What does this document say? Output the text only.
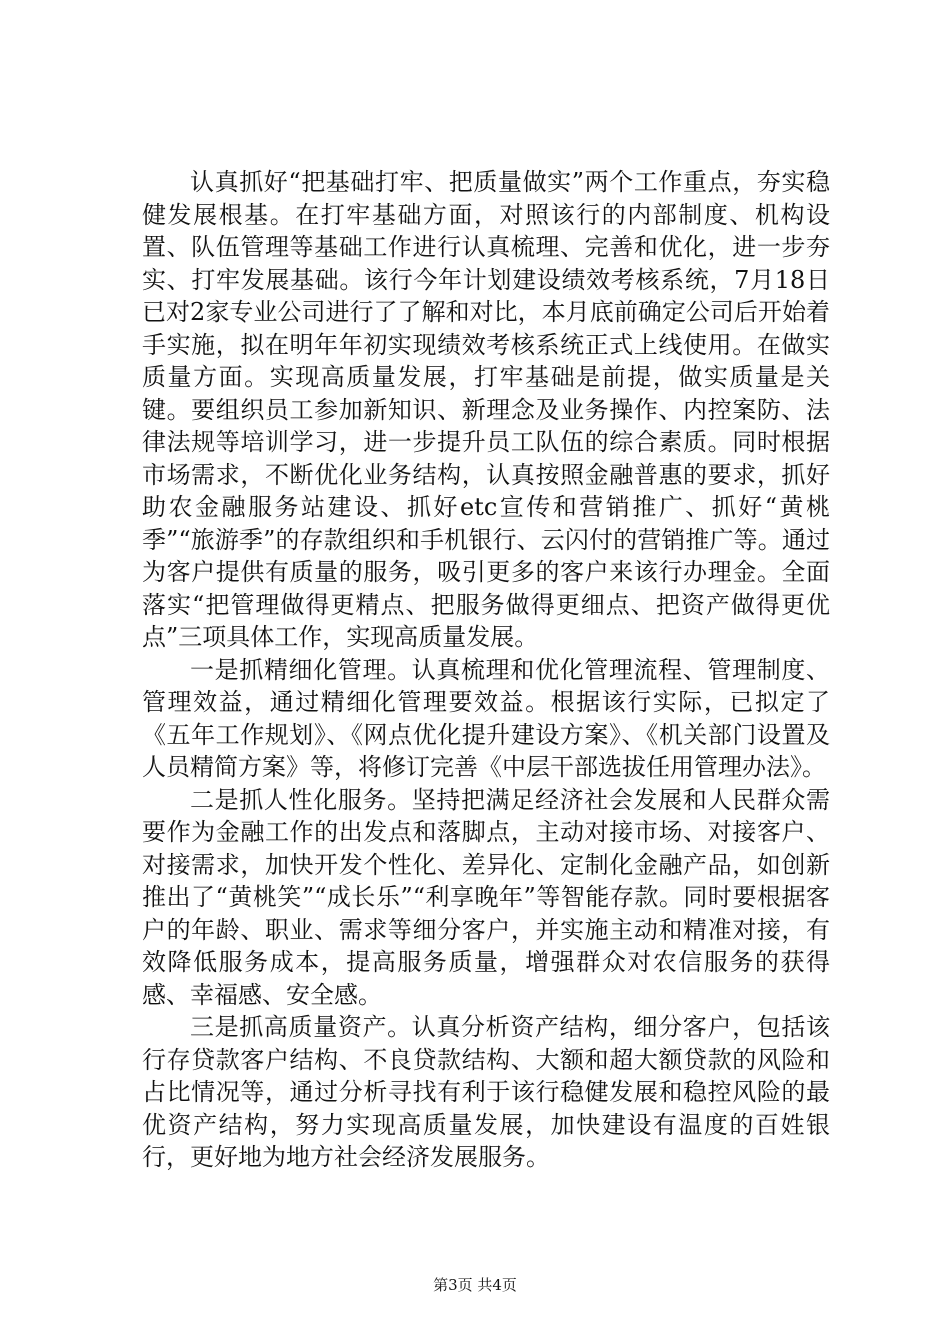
认真抓好“把基础打牢、把质量做实”两个工作重点，夯实稳健发展根基。在打牢基础方面，对照该行的内部制度、机构设置、队伍管理等基础工作进行认真梳理、完善和优化，进一步夯实、打牢发展基础。该行今年计划建设绩效考核系统，7月18日已对2家专业公司进行了了解和对比，本月底前确定公司后开始着手实施，拟在明年年初实现绩效考核系统正式上线使用。在做实质量方面。实现高质量发展，打牢基础是前提，做实质量是关键。要组织员工参加新知识、新理念及业务操作、内控案防、法律法规等培训学习，进一步提升员工队伍的综合素质。同时根据市场需求，不断优化业务结构，认真按照金融普惠的要求，抓好助农金融服务站建设、抓好etc宣传和营销推广、抓好“黄桃季”“旅游季”的存款组织和手机银行、云闪付的营销推广等。通过为客户提供有质量的服务，吸引更多的客户来该行办理金。全面落实“把管理做得更精点、把服务做得更细点、把资产做得更优点”三项具体工作，实现高质量发展。

一是抓精细化管理。认真梳理和优化管理流程、管理制度、管理效益，通过精细化管理要效益。根据该行实际，已拟定了《五年工作规划》、《网点优化提升建设方案》、《机关部门设置及人员精简方案》等，将修订完善《中层干部选拔任用管理办法》。

二是抓人性化服务。坚持把满足经济社会发展和人民群众需要作为金融工作的出发点和落脚点，主动对接市场、对接客户、对接需求，加快开发个性化、差异化、定制化金融产品，如创新推出了“黄桃笑”“成长乐”“利享晚年”等智能存款。同时要根据客户的年龄、职业、需求等细分客户，并实施主动和精准对接，有效降低服务成本，提高服务质量，增强群众对农信服务的获得感、幸福感、安全感。

三是抓高质量资产。认真分析资产结构，细分客户，包括该行存贷款客户结构、不良贷款结构、大额和超大额贷款的风险和占比情况等，通过分析寻找有利于该行稳健发展和稳控风险的最优资产结构，努力实现高质量发展，加快建设有温度的百姓银行，更好地为地方社会经济发展服务。

第3页 共4页
